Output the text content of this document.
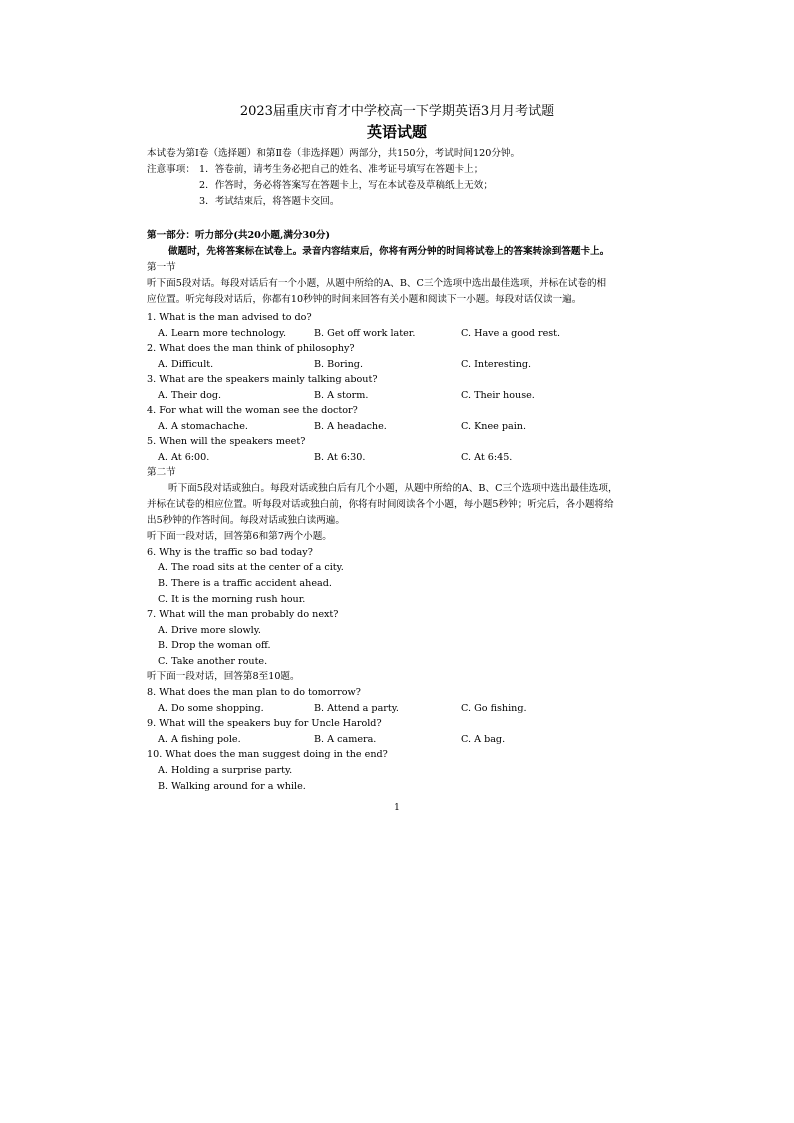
2023届重庆市育才中学校高一下学期英语3月月考试题
英语试题
本试卷为第Ⅰ卷（选择题）和第Ⅱ卷（非选择题）两部分，共150分，考试时间120分钟。
注意事项： 1．答卷前，请考生务必把自己的姓名、准考证号填写在答题卡上；
2．作答时，务必将答案写在答题卡上，写在本试卷及草稿纸上无效；
3．考试结束后，将答题卡交回。
第一部分：听力部分(共20小题,满分30分)
做题时，先将答案标在试卷上。录音内容结束后，你将有两分钟的时间将试卷上的答案转涂到答题卡上。
第一节
听下面5段对话。每段对话后有一个小题，从题中所给的A、B、C三个选项中选出最佳选项，并标在试卷的相
应位置。听完每段对话后，你都有10秒钟的时间来回答有关小题和阅读下一小题。每段对话仅读一遍。
1. What is the man advised to do?
A. Learn more technology.	B. Get off work later.	C. Have a good rest.
2. What does the man think of philosophy?
A. Difficult.	B. Boring.	C. Interesting.
3. What are the speakers mainly talking about?
A. Their dog.	B. A storm.	C. Their house.
4. For what will the woman see the doctor?
A. A stomachache.	B. A headache.	C. Knee pain.
5. When will the speakers meet?
A. At 6:00.	B. At 6:30.	C. At 6:45.
第二节
听下面5段对话或独白。每段对话或独白后有几个小题，从题中所给的A、B、C三个选项中选出最佳选项，
并标在试卷的相应位置。听每段对话或独白前，你将有时间阅读各个小题，每小题5秒钟；听完后，各小题将给
出5秒钟的作答时间。每段对话或独白读两遍。
听下面一段对话，回答第6和第7两个小题。
6. Why is the traffic so bad today?
A. The road sits at the center of a city.
B. There is a traffic accident ahead.
C. It is the morning rush hour.
7. What will the man probably do next?
A. Drive more slowly.
B. Drop the woman off.
C. Take another route.
听下面一段对话，回答第8至10题。
8. What does the man plan to do tomorrow?
A. Do some shopping.	B. Attend a party.	C. Go fishing.
9. What will the speakers buy for Uncle Harold?
A. A fishing pole.	B. A camera.	C. A bag.
10. What does the man suggest doing in the end?
A. Holding a surprise party.
B. Walking around for a while.
1
